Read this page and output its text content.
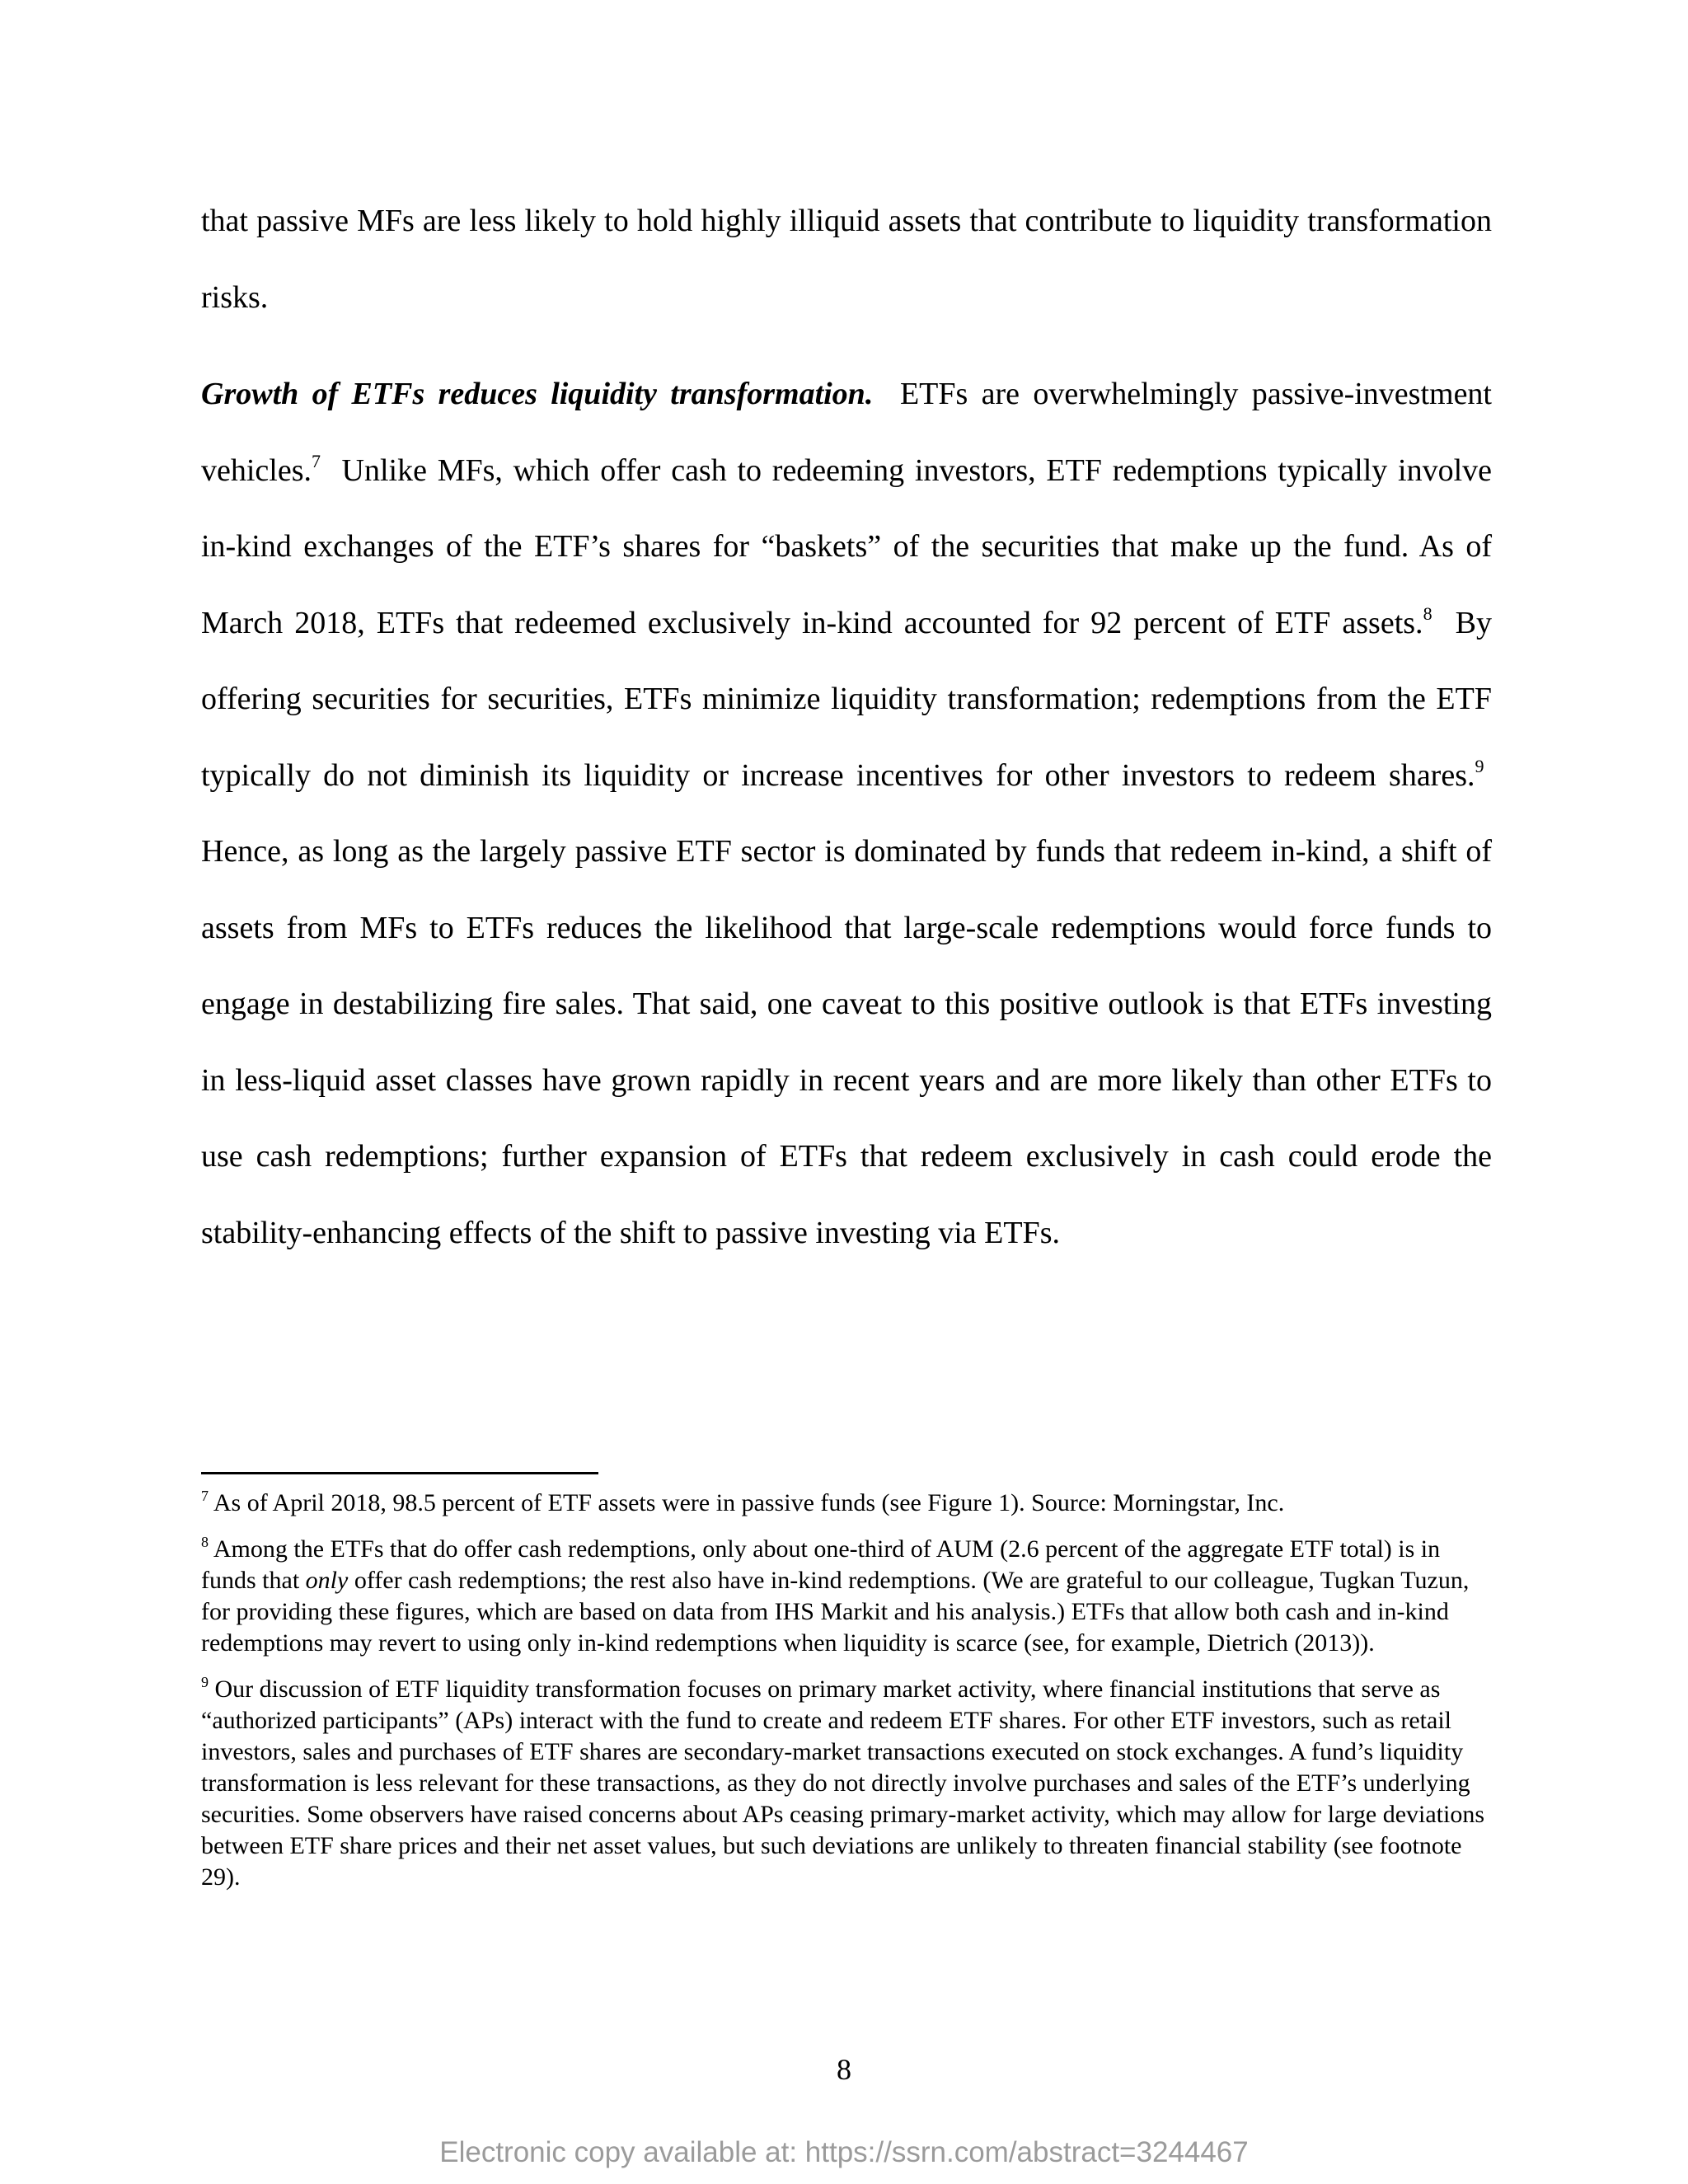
that passive MFs are less likely to hold highly illiquid assets that contribute to liquidity transformation risks.

Growth of ETFs reduces liquidity transformation. ETFs are overwhelmingly passive-investment vehicles.$^7$ Unlike MFs, which offer cash to redeeming investors, ETF redemptions typically involve in-kind exchanges of the ETF’s shares for “baskets” of the securities that make up the fund. As of March 2018, ETFs that redeemed exclusively in-kind accounted for 92 percent of ETF assets.$^8$ By offering securities for securities, ETFs minimize liquidity transformation; redemptions from the ETF typically do not diminish its liquidity or increase incentives for other investors to redeem shares.$^9$  Hence, as long as the largely passive ETF sector is dominated by funds that redeem in-kind, a shift of assets from MFs to ETFs reduces the likelihood that large-scale redemptions would force funds to engage in destabilizing fire sales. That said, one caveat to this positive outlook is that ETFs investing in less-liquid asset classes have grown rapidly in recent years and are more likely than other ETFs to use cash redemptions; further expansion of ETFs that redeem exclusively in cash could erode the stability-enhancing effects of the shift to passive investing via ETFs.

$^7$ As of April 2018, 98.5 percent of ETF assets were in passive funds (see Figure 1). Source: Morningstar, Inc.

$^8$ Among the ETFs that do offer cash redemptions, only about one-third of AUM (2.6 percent of the aggregate ETF total) is in funds that only offer cash redemptions; the rest also have in-kind redemptions. (We are grateful to our colleague, Tugkan Tuzun, for providing these figures, which are based on data from IHS Markit and his analysis.) ETFs that allow both cash and in-kind redemptions may revert to using only in-kind redemptions when liquidity is scarce (see, for example, Dietrich (2013)).

$^9$ Our discussion of ETF liquidity transformation focuses on primary market activity, where financial institutions that serve as “authorized participants” (APs) interact with the fund to create and redeem ETF shares. For other ETF investors, such as retail investors, sales and purchases of ETF shares are secondary-market transactions executed on stock exchanges. A fund’s liquidity transformation is less relevant for these transactions, as they do not directly involve purchases and sales of the ETF’s underlying securities. Some observers have raised concerns about APs ceasing primary-market activity, which may allow for large deviations between ETF share prices and their net asset values, but such deviations are unlikely to threaten financial stability (see footnote 29).

8
Electronic copy available at: https://ssrn.com/abstract=3244467
